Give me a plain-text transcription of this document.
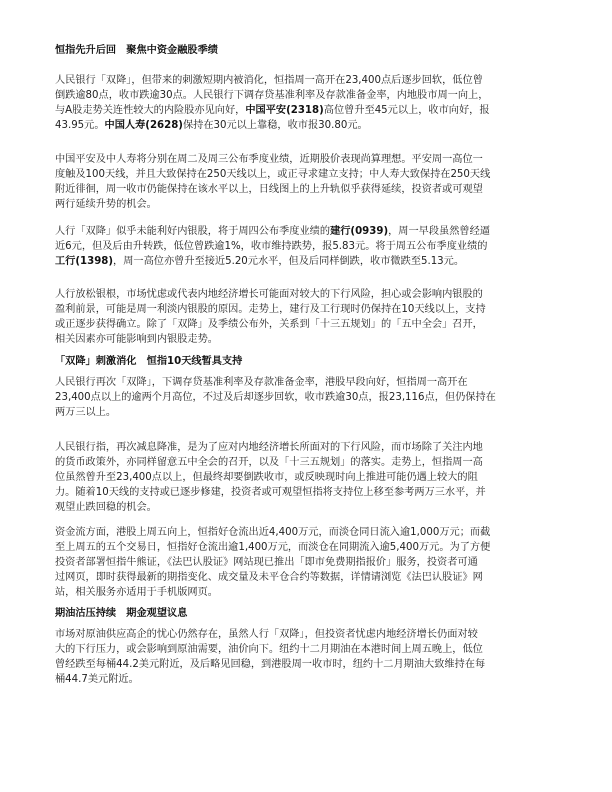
恒指先升后回　聚焦中资金融股季绩
人民银行「双降」，但带来的刺激短期内被消化，恒指周一高开在23,400点后逐步回软，低位曾
倒跌逾80点，收市跌逾30点。人民银行下调存贷基准利率及存款准备金率，内地股市周一向上，
与A股走势关连性较大的内险股亦见向好，中国平安(2318)高位曾升至45元以上，收市向好，报
43.95元。中国人寿(2628)保持在30元以上靠稳，收市报30.80元。
中国平安及中人寿将分别在周二及周三公布季度业绩，近期股价表现尚算理想。平安周一高位一
度触及100天线，并且大致保持在250天线以上，或正寻求建立支持；中人寿大致保持在250天线
附近徘徊，周一收市仍能保持在该水平以上，日线图上的上升轨似乎获得延续，投资者或可观望
两行延续升势的机会。
人行「双降」似乎未能利好内银股，将于周四公布季度业绩的建行(0939)，周一早段虽然曾经逼
近6元，但及后由升转跌，低位曾跌逾1%，收市维持跌势，报5.83元。将于周五公布季度业绩的
工行(1398)，周一高位亦曾升至接近5.20元水平，但及后同样倒跌，收市微跌至5.13元。
人行放松银根，市场忧虑或代表内地经济增长可能面对较大的下行风险，担心或会影响内银股的
盈利前景，可能是周一利淡内银股的原因。走势上，建行及工行现时仍保持在10天线以上，支持
或正逐步获得确立。除了「双降」及季绩公布外，关系到「十三五规划」的「五中全会」召开，
相关因素亦可能影响到内银股走势。
「双降」刺激消化　恒指10天线暂具支持
人民银行再次「双降」，下调存贷基准利率及存款准备金率，港股早段向好，恒指周一高开在
23,400点以上的逾两个月高位，不过及后却逐步回软，收市跌逾30点，报23,116点，但仍保持在
两万三以上。
人民银行指，再次减息降准，是为了应对内地经济增长所面对的下行风险，而市场除了关注内地
的货币政策外，亦同样留意五中全会的召开，以及「十三五规划」的落实。走势上，恒指周一高
位虽然曾升至23,400点以上，但最终却要倒跌收市，或反映现时向上推进可能仍遇上较大的阻
力。随着10天线的支持或已逐步修建，投资者或可观望恒指将支持位上移至参考两万三水平，并
观望止跌回稳的机会。
资金流方面，港股上周五向上，恒指好仓流出近4,400万元，而淡仓同日流入逾1,000万元；而截
至上周五的五个交易日，恒指好仓流出逾1,400万元，而淡仓在同期流入逾5,400万元。为了方便
投资者部署恒指牛熊证，《法巴认股证》网站现已推出「即市免费期指报价」服务，投资者可通
过网页，即时获得最新的期指变化、成交量及未平仓合约等数据，详情请浏览《法巴认股证》网
站，相关服务亦适用于手机版网页。
期油沽压持续　期金观望议息
市场对原油供应高企的忧心仍然存在，虽然人行「双降」，但投资者忧虑内地经济增长仍面对较
大的下行压力，或会影响到原油需要，油价向下。纽约十二月期油在本港时间上周五晚上，低位
曾经跌至每桶44.2美元附近，及后略见回稳，到港股周一收市时，纽约十二月期油大致维持在每
桶44.7美元附近。
